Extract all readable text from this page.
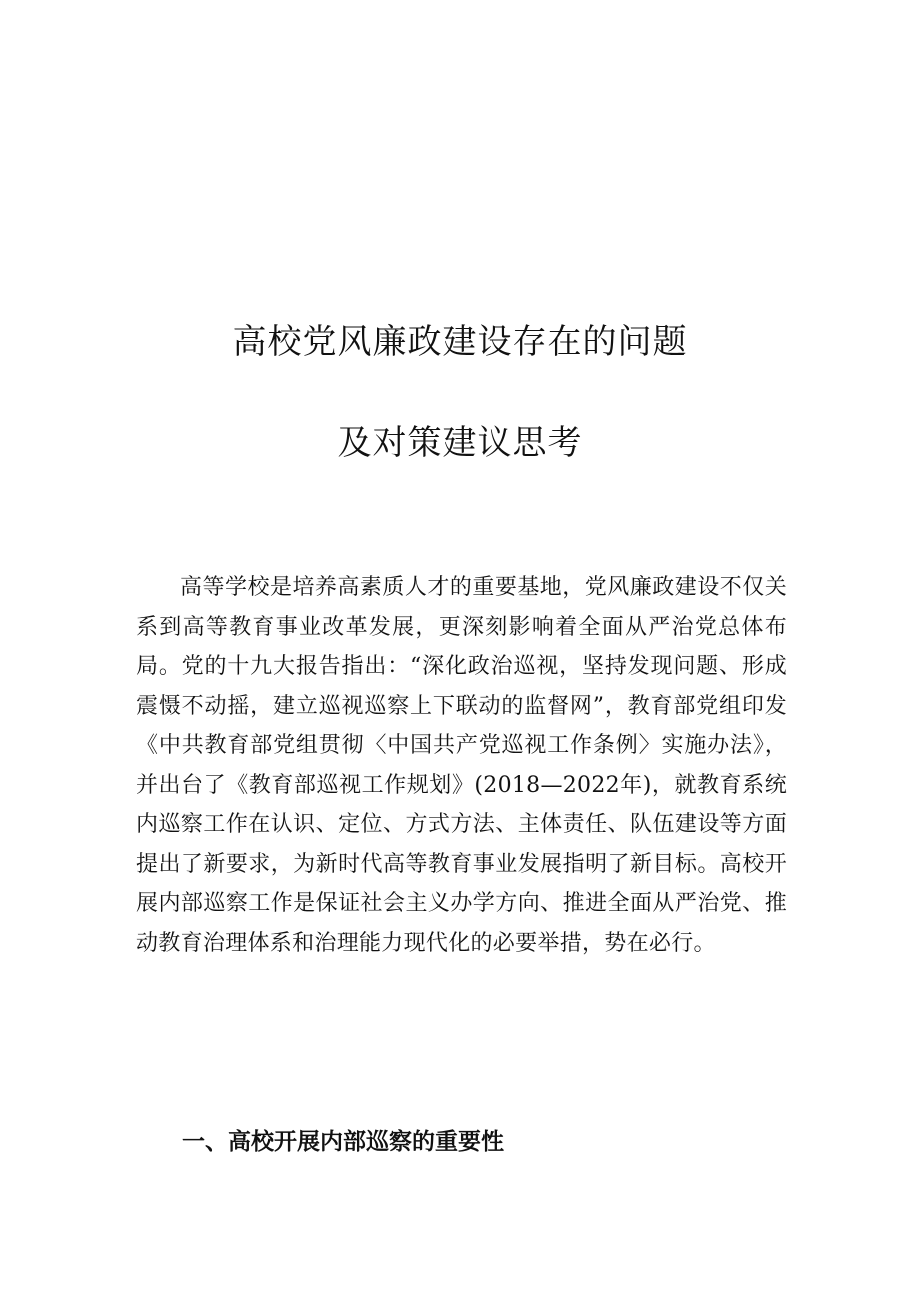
高校党风廉政建设存在的问题
及对策建议思考

高等学校是培养高素质人才的重要基地，党风廉政建设不仅关系到高等教育事业改革发展，更深刻影响着全面从严治党总体布局。党的十九大报告指出：“深化政治巡视，坚持发现问题、形成震慑不动摇，建立巡视巡察上下联动的监督网”，教育部党组印发《中共教育部党组贯彻〈中国共产党巡视工作条例〉实施办法》，并出台了《教育部巡视工作规划》(2018—2022年)，就教育系统内巡察工作在认识、定位、方式方法、主体责任、队伍建设等方面提出了新要求，为新时代高等教育事业发展指明了新目标。高校开展内部巡察工作是保证社会主义办学方向、推进全面从严治党、推动教育治理体系和治理能力现代化的必要举措，势在必行。

一、高校开展内部巡察的重要性
